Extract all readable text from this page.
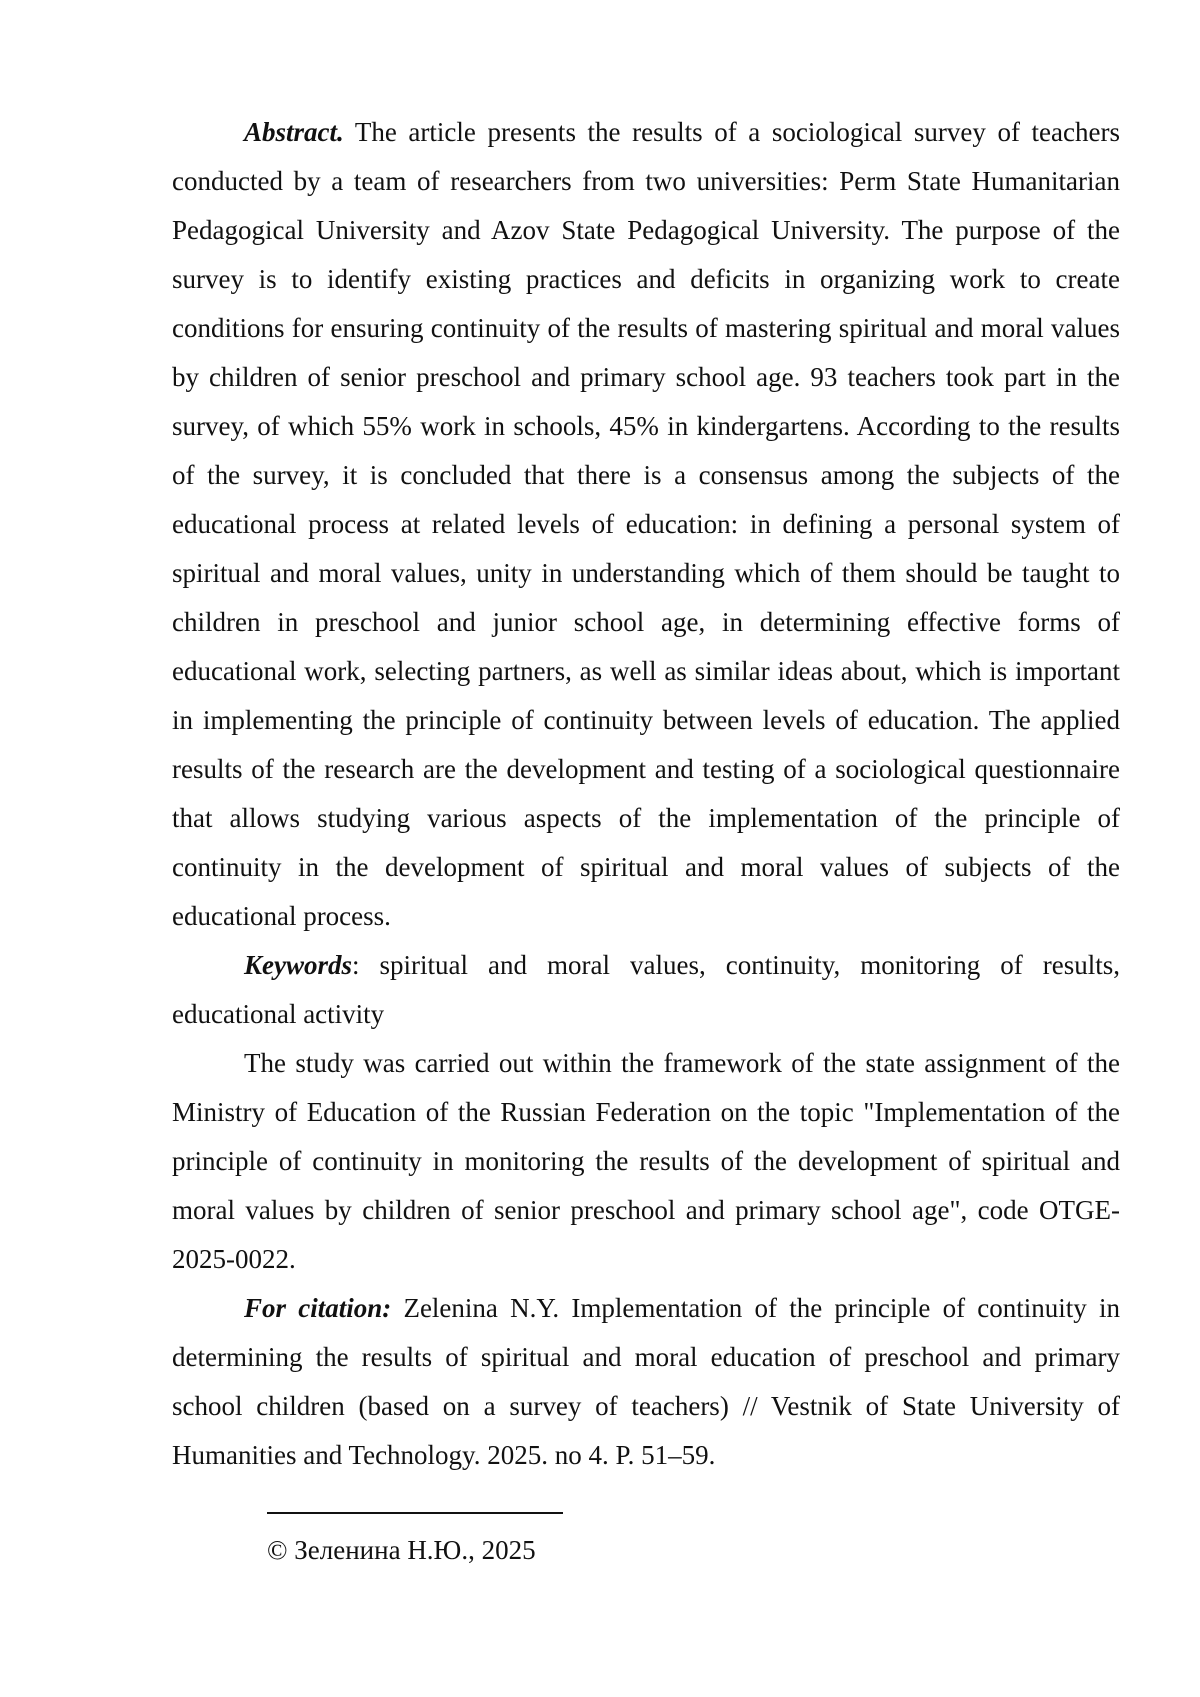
Abstract. The article presents the results of a sociological survey of teachers conducted by a team of researchers from two universities: Perm State Humanitarian Pedagogical University and Azov State Pedagogical University. The purpose of the survey is to identify existing practices and deficits in organizing work to create conditions for ensuring continuity of the results of mastering spiritual and moral values by children of senior preschool and primary school age. 93 teachers took part in the survey, of which 55% work in schools, 45% in kindergartens. According to the results of the survey, it is concluded that there is a consensus among the subjects of the educational process at related levels of education: in defining a personal system of spiritual and moral values, unity in understanding which of them should be taught to children in preschool and junior school age, in determining effective forms of educational work, selecting partners, as well as similar ideas about, which is important in implementing the principle of continuity between levels of education. The applied results of the research are the development and testing of a sociological questionnaire that allows studying various aspects of the implementation of the principle of continuity in the development of spiritual and moral values of subjects of the educational process.

Keywords: spiritual and moral values, continuity, monitoring of results, educational activity

The study was carried out within the framework of the state assignment of the Ministry of Education of the Russian Federation on the topic "Implementation of the principle of continuity in monitoring the results of the development of spiritual and moral values by children of senior preschool and primary school age", code OTGE-2025-0022.

For citation: Zelenina N.Y. Implementation of the principle of continuity in determining the results of spiritual and moral education of preschool and primary school children (based on a survey of teachers) // Vestnik of State University of Humanities and Technology. 2025. no 4. P. 51–59.

© Зеленина Н.Ю., 2025
